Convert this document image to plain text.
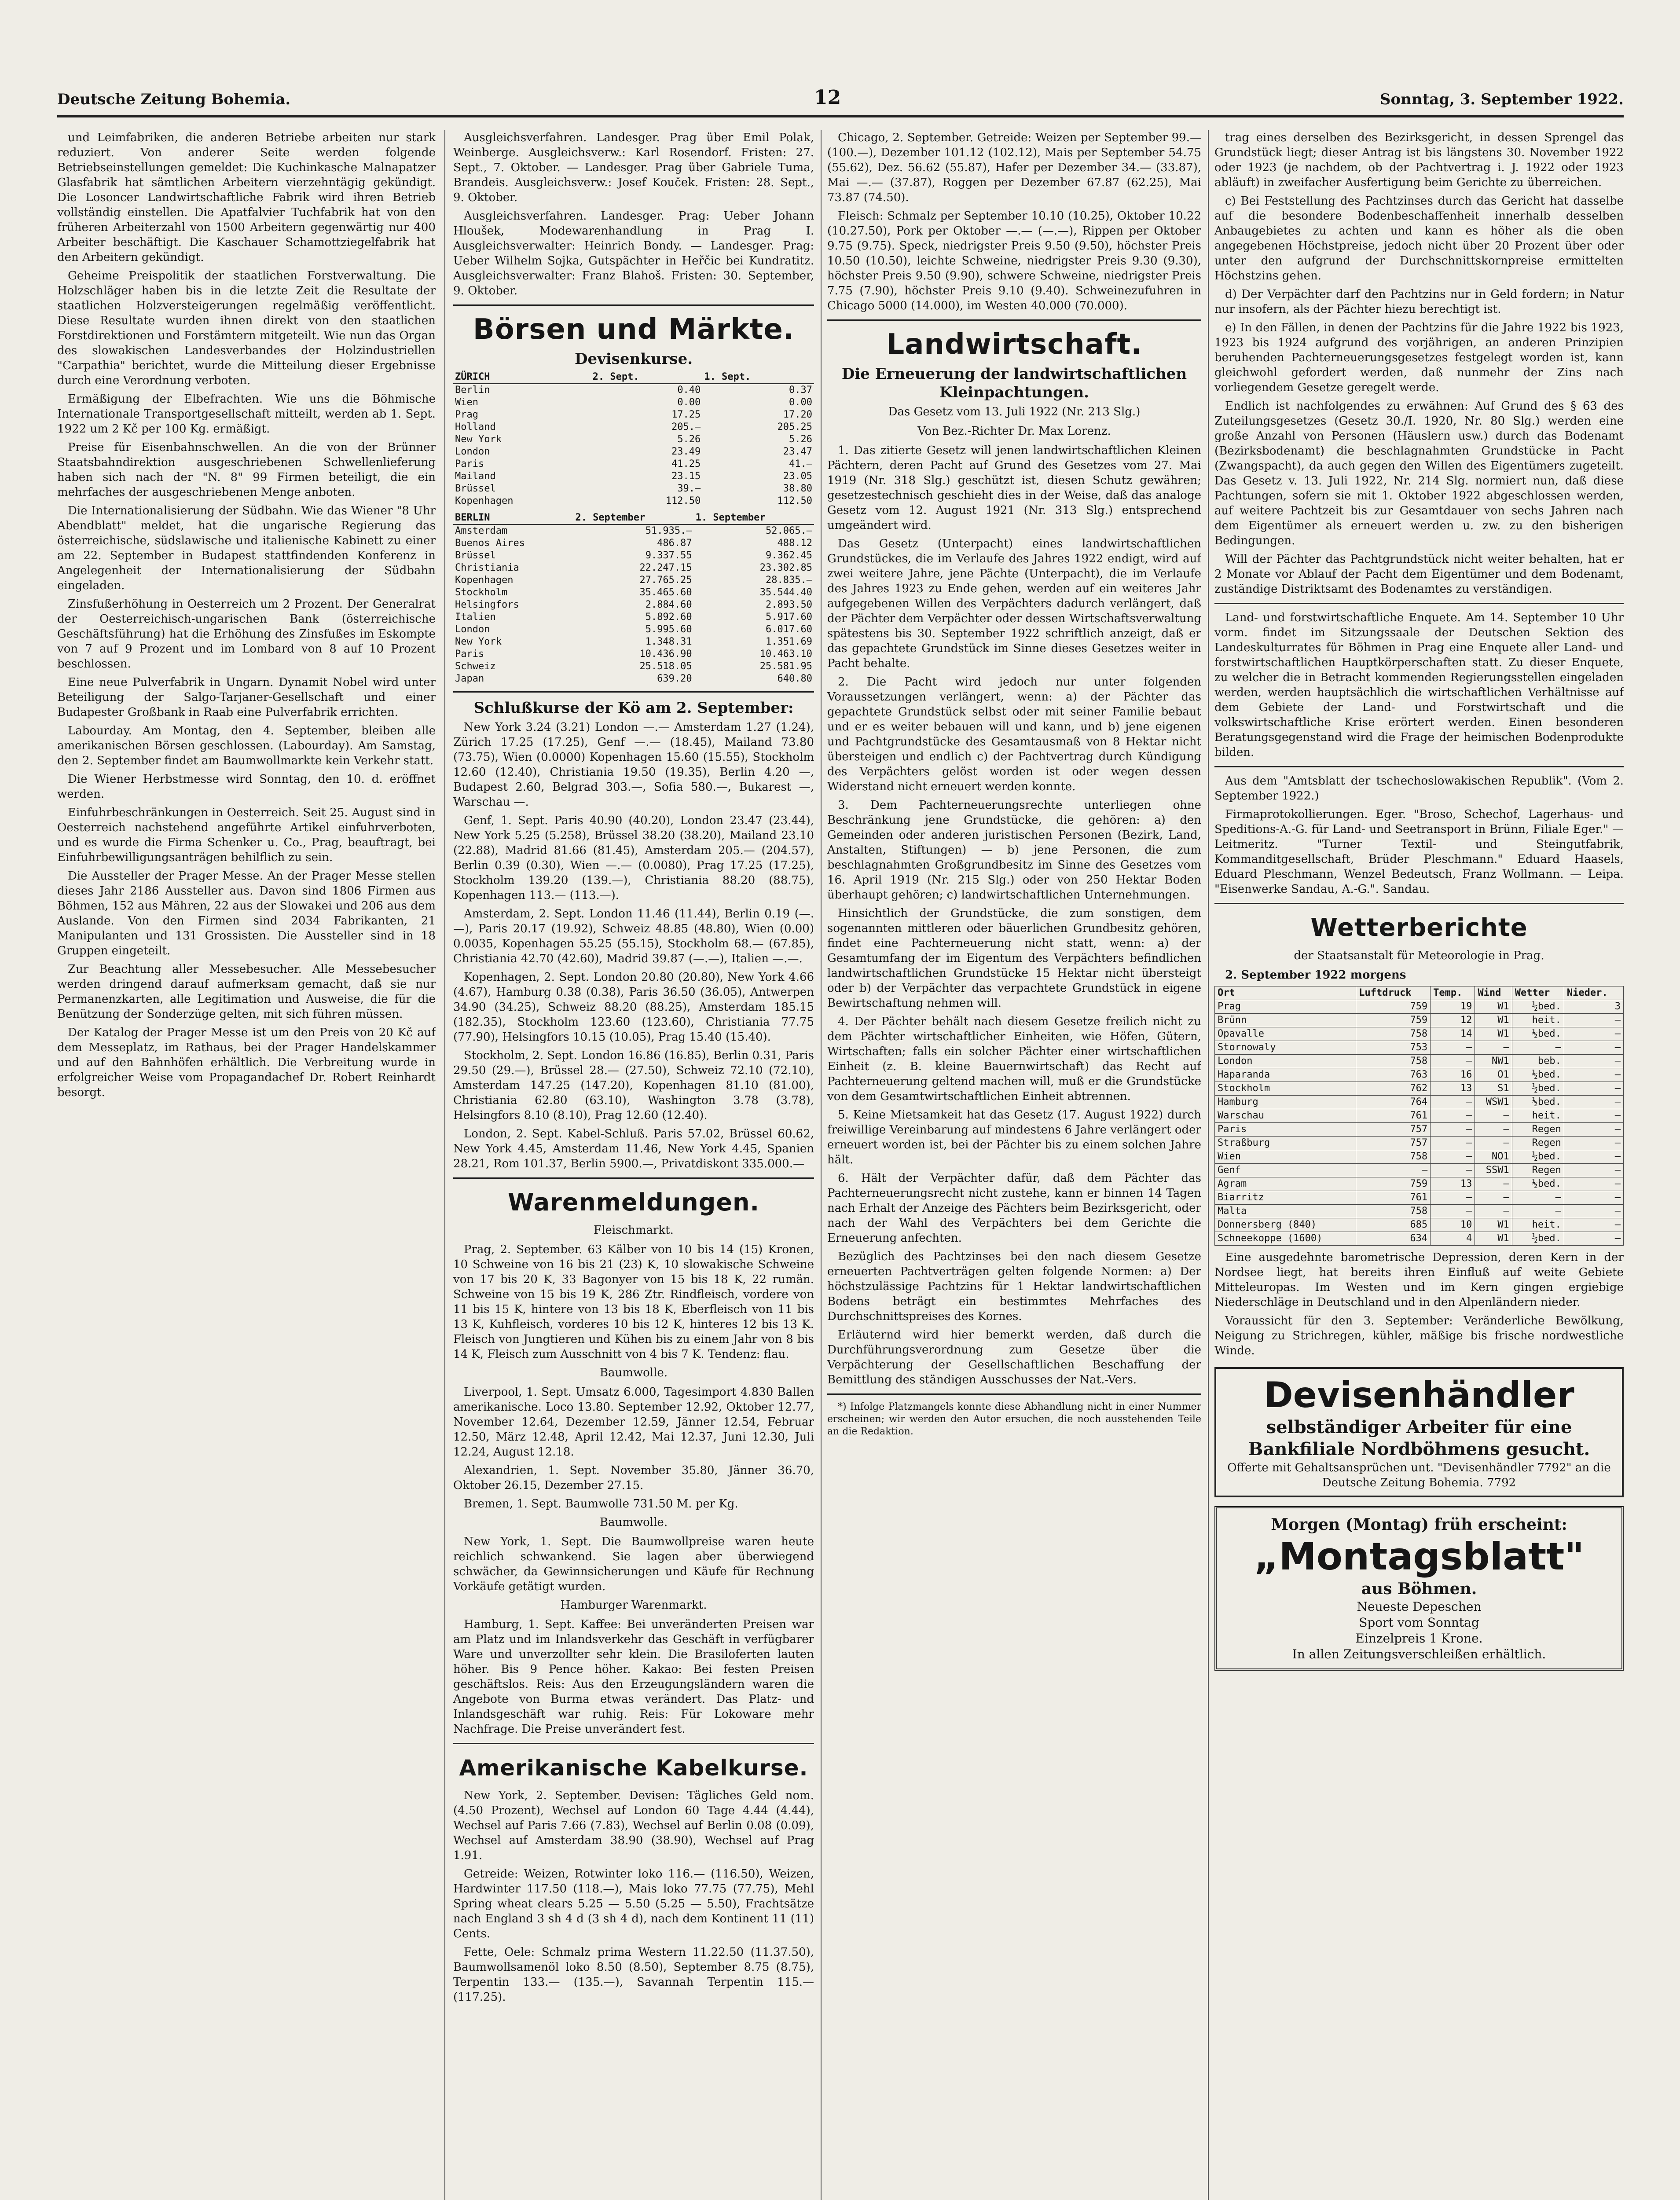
Deutsche Zeitung Bohemia.	12	Sonntag, 3. September 1922.

und Leimfabriken, die anderen Betriebe arbeiten nur stark reduziert. Von anderer Seite werden folgende Betriebseinstellungen gemeldet: Die Kuchinkasche Malnapatzer Glasfabrik hat sämtlichen Arbeitern vierzehntägig gekündigt. Die Losoncer Landwirtschaftliche Fabrik wird ihren Betrieb vollständig einstellen. Die Apatfalvier Tuchfabrik hat von den früheren Arbeiterzahl von 1500 Arbeitern gegenwärtig nur 400 Arbeiter beschäftigt. Die Kaschauer Schamottziegelfabrik hat den Arbeitern gekündigt.

Geheime Preispolitik der staatlichen Forstverwaltung. Die Holzschläger haben bis in die letzte Zeit die Resultate der staatlichen Holzversteigerungen regelmäßig veröffentlicht. Diese Resultate wurden ihnen direkt von den staatlichen Forstdirektionen und Forstämtern mitgeteilt. Wie nun das Organ des slowakischen Landesverbandes der Holzindustriellen "Carpathia" berichtet, wurde die Mitteilung dieser Ergebnisse durch eine Verordnung verboten.

Ermäßigung der Elbefrachten. Wie uns die Böhmische Internationale Transportgesellschaft mitteilt, werden ab 1. Sept. 1922 um 2 Kč per 100 Kg. ermäßigt.

Preise für Eisenbahnschwellen. An die von der Brünner Staatsbahndirektion ausgeschriebenen Schwellenlieferung haben sich nach der "N. 8" 99 Firmen beteiligt, die ein mehrfaches der ausgeschriebenen Menge anboten.

Die Internationalisierung der Südbahn. Wie das Wiener "8 Uhr Abendblatt" meldet, hat die ungarische Regierung das österreichische, südslawische und italienische Kabinett zu einer am 22. September in Budapest stattfindenden Konferenz in Angelegenheit der Internationalisierung der Südbahn eingeladen.

Zinsfußerhöhung in Oesterreich um 2 Prozent. Der Generalrat der Oesterreichisch-ungarischen Bank (österreichische Geschäftsführung) hat die Erhöhung des Zinsfußes im Eskompte von 7 auf 9 Prozent und im Lombard von 8 auf 10 Prozent beschlossen.

Eine neue Pulverfabrik in Ungarn. Dynamit Nobel wird unter Beteiligung der Salgo-Tarjaner-Gesellschaft und einer Budapester Großbank in Raab eine Pulverfabrik errichten.

Labourday. Am Montag, den 4. September, bleiben alle amerikanischen Börsen geschlossen. (Labourday). Am Samstag, den 2. September findet am Baumwollmarkte kein Verkehr statt.

Die Wiener Herbstmesse wird Sonntag, den 10. d. eröffnet werden.

Einfuhrbeschränkungen in Oesterreich. Seit 25. August sind in Oesterreich nachstehend angeführte Artikel einfuhrverboten, und es wurde die Firma Schenker u. Co., Prag, beauftragt, bei Einfuhrbewilligungsanträgen behilflich zu sein.

Die Aussteller der Prager Messe. An der Prager Messe stellen dieses Jahr 2186 Aussteller aus. Davon sind 1806 Firmen aus Böhmen, 152 aus Mähren, 22 aus der Slowakei und 206 aus dem Auslande. Von den Firmen sind 2034 Fabrikanten, 21 Manipulanten und 131 Grossisten. Die Aussteller sind in 18 Gruppen eingeteilt.

Zur Beachtung aller Messebesucher. Alle Messebesucher werden dringend darauf aufmerksam gemacht, daß sie nur Permanenzkarten, alle Legitimation und Ausweise, die für die Benützung der Sonderzüge gelten, mit sich führen müssen.

Der Katalog der Prager Messe ist um den Preis von 20 Kč auf dem Messeplatz, im Rathaus, bei der Prager Handelskammer und auf den Bahnhöfen erhältlich. Die Verbreitung wurde in erfolgreicher Weise vom Propagandachef Dr. Robert Reinhardt besorgt.

Ausgleichsverfahren. Landesger. Prag über Emil Polak, Weinberge. Ausgleichsverw.: Karl Rosendorf. Fristen: 27. Sept., 7. Oktober. — Landesger. Prag über Gabriele Tuma, Brandeis. Ausgleichsverw.: Josef Kouček. Fristen: 28. Sept., 9. Oktober.

Ausgleichsverfahren. Landesger. Prag: Ueber Johann Hloušek, Modewarenhandlung in Prag I. Ausgleichsverwalter: Heinrich Bondy. — Landesger. Prag: Ueber Wilhelm Sojka, Gutspächter in Heřčic bei Kundratitz. Ausgleichsverwalter: Franz Blahoš. Fristen: 30. September, 9. Oktober.

Börsen und Märkte.
Devisenkurse.
ZÜRICH	2. Sept.	1. Sept.
Berlin	0.40	0.37
Wien	0.00	0.00
Prag	17.25	17.20
Holland	205.—	205.25
New York	5.26	5.26
London	23.49	23.47
Paris	41.25	41.—
Mailand	23.15	23.05
Brüssel	39.—	38.80
Kopenhagen	112.50	112.50
BERLIN	2. September	1. September
Amsterdam	51.935.—	52.065.—
Buenos Aires	486.87	488.12
Brüssel	9.337.55	9.362.45
Christiania	22.247.15	23.302.85
Kopenhagen	27.765.25	28.835.—
Stockholm	35.465.60	35.544.40
Helsingfors	2.884.60	2.893.50
Italien	5.892.60	5.917.60
London	5.995.60	6.017.60
New York	1.348.31	1.351.69
Paris	10.436.90	10.463.10
Schweiz	25.518.05	25.581.95
Japan	639.20	640.80
Schlußkurse der Kö am 2. September:

New York 3.24 (3.21) London —.— Amsterdam 1.27 (1.24), Zürich 17.25 (17.25), Genf —.— (18.45), Mailand 73.80 (73.75), Wien (0.0000) Kopenhagen 15.60 (15.55), Stockholm 12.60 (12.40), Christiania 19.50 (19.35), Berlin 4.20 —, Budapest 2.60, Belgrad 303.—, Sofia 580.—, Bukarest —, Warschau —.

Genf, 1. Sept. Paris 40.90 (40.20), London 23.47 (23.44), New York 5.25 (5.258), Brüssel 38.20 (38.20), Mailand 23.10 (22.88), Madrid 81.66 (81.45), Amsterdam 205.— (204.57), Berlin 0.39 (0.30), Wien —.— (0.0080), Prag 17.25 (17.25), Stockholm 139.20 (139.—), Christiania 88.20 (88.75), Kopenhagen 113.— (113.—).

Amsterdam, 2. Sept. London 11.46 (11.44), Berlin 0.19 (—.—), Paris 20.17 (19.92), Schweiz 48.85 (48.80), Wien (0.00) 0.0035, Kopenhagen 55.25 (55.15), Stockholm 68.— (67.85), Christiania 42.70 (42.60), Madrid 39.87 (—.—), Italien —.—.

Kopenhagen, 2. Sept. London 20.80 (20.80), New York 4.66 (4.67), Hamburg 0.38 (0.38), Paris 36.50 (36.05), Antwerpen 34.90 (34.25), Schweiz 88.20 (88.25), Amsterdam 185.15 (182.35), Stockholm 123.60 (123.60), Christiania 77.75 (77.90), Helsingfors 10.15 (10.05), Prag 15.40 (15.40).

Stockholm, 2. Sept. London 16.86 (16.85), Berlin 0.31, Paris 29.50 (29.—), Brüssel 28.— (27.50), Schweiz 72.10 (72.10), Amsterdam 147.25 (147.20), Kopenhagen 81.10 (81.00), Christiania 62.80 (63.10), Washington 3.78 (3.78), Helsingfors 8.10 (8.10), Prag 12.60 (12.40).

London, 2. Sept. Kabel-Schluß. Paris 57.02, Brüssel 60.62, New York 4.45, Amsterdam 11.46, New York 4.45, Spanien 28.21, Rom 101.37, Berlin 5900.—, Privatdiskont 335.000.—

Warenmeldungen.
Fleischmarkt.

Prag, 2. September. 63 Kälber von 10 bis 14 (15) Kronen, 10 Schweine von 16 bis 21 (23) K, 10 slowakische Schweine von 17 bis 20 K, 33 Bagonyer von 15 bis 18 K, 22 rumän. Schweine von 15 bis 19 K, 286 Ztr. Rindfleisch, vordere von 11 bis 15 K, hintere von 13 bis 18 K, Eberfleisch von 11 bis 13 K, Kuhfleisch, vorderes 10 bis 12 K, hinteres 12 bis 13 K. Fleisch von Jungtieren und Kühen bis zu einem Jahr von 8 bis 14 K, Fleisch zum Ausschnitt von 4 bis 7 K. Tendenz: flau.

Baumwolle.

Liverpool, 1. Sept. Umsatz 6.000, Tagesimport 4.830 Ballen amerikanische. Loco 13.80. September 12.92, Oktober 12.77, November 12.64, Dezember 12.59, Jänner 12.54, Februar 12.50, März 12.48, April 12.42, Mai 12.37, Juni 12.30, Juli 12.24, August 12.18.

Alexandrien, 1. Sept. November 35.80, Jänner 36.70, Oktober 26.15, Dezember 27.15.

Bremen, 1. Sept. Baumwolle 731.50 M. per Kg.

Baumwolle.

New York, 1. Sept. Die Baumwollpreise waren heute reichlich schwankend. Sie lagen aber überwiegend schwächer, da Gewinnsicherungen und Käufe für Rechnung Vorkäufe getätigt wurden.

Hamburger Warenmarkt.

Hamburg, 1. Sept. Kaffee: Bei unveränderten Preisen war am Platz und im Inlandsverkehr das Geschäft in verfügbarer Ware und unverzollter sehr klein. Die Brasiloferten lauten höher. Bis 9 Pence höher. Kakao: Bei festen Preisen geschäftslos. Reis: Aus den Erzeugungsländern waren die Angebote von Burma etwas verändert. Das Platz- und Inlandsgeschäft war ruhig. Reis: Für Lokoware mehr Nachfrage. Die Preise unverändert fest.

Amerikanische Kabelkurse.

New York, 2. September. Devisen: Tägliches Geld nom. (4.50 Prozent), Wechsel auf London 60 Tage 4.44 (4.44), Wechsel auf Paris 7.66 (7.83), Wechsel auf Berlin 0.08 (0.09), Wechsel auf Amsterdam 38.90 (38.90), Wechsel auf Prag 1.91.

Getreide: Weizen, Rotwinter loko 116.— (116.50), Weizen, Hardwinter 117.50 (118.—), Mais loko 77.75 (77.75), Mehl Spring wheat clears 5.25 — 5.50 (5.25 — 5.50), Frachtsätze nach England 3 sh 4 d (3 sh 4 d), nach dem Kontinent 11 (11) Cents.

Fette, Oele: Schmalz prima Western 11.22.50 (11.37.50), Baumwollsamenöl loko 8.50 (8.50), September 8.75 (8.75), Terpentin 133.— (135.—), Savannah Terpentin 115.— (117.25).

Chicago, 2. September. Getreide: Weizen per September 99.— (100.—), Dezember 101.12 (102.12), Mais per September 54.75 (55.62), Dez. 56.62 (55.87), Hafer per Dezember 34.— (33.87), Mai —.— (37.87), Roggen per Dezember 67.87 (62.25), Mai 73.87 (74.50).

Fleisch: Schmalz per September 10.10 (10.25), Oktober 10.22 (10.27.50), Pork per Oktober —.— (—.—), Rippen per Oktober 9.75 (9.75). Speck, niedrigster Preis 9.50 (9.50), höchster Preis 10.50 (10.50), leichte Schweine, niedrigster Preis 9.30 (9.30), höchster Preis 9.50 (9.90), schwere Schweine, niedrigster Preis 7.75 (7.90), höchster Preis 9.10 (9.40). Schweinezufuhren in Chicago 5000 (14.000), im Westen 40.000 (70.000).

Landwirtschaft.
Die Erneuerung der landwirtschaftlichen Kleinpachtungen.
Das Gesetz vom 13. Juli 1922 (Nr. 213 Slg.)
Von Bez.-Richter Dr. Max Lorenz.

1. Das zitierte Gesetz will jenen landwirtschaftlichen Kleinen Pächtern, deren Pacht auf Grund des Gesetzes vom 27. Mai 1919 (Nr. 318 Slg.) geschützt ist, diesen Schutz gewähren; gesetzestechnisch geschieht dies in der Weise, daß das analoge Gesetz vom 12. August 1921 (Nr. 313 Slg.) entsprechend umgeändert wird.

Das Gesetz (Unterpacht) eines landwirtschaftlichen Grundstückes, die im Verlaufe des Jahres 1922 endigt, wird auf zwei weitere Jahre, jene Pächte (Unterpacht), die im Verlaufe des Jahres 1923 zu Ende gehen, werden auf ein weiteres Jahr aufgegebenen Willen des Verpächters dadurch verlängert, daß der Pächter dem Verpächter oder dessen Wirtschaftsverwaltung spätestens bis 30. September 1922 schriftlich anzeigt, daß er das gepachtete Grundstück im Sinne dieses Gesetzes weiter in Pacht behalte.

2. Die Pacht wird jedoch nur unter folgenden Voraussetzungen verlängert, wenn: a) der Pächter das gepachtete Grundstück selbst oder mit seiner Familie bebaut und er es weiter bebauen will und kann, und b) jene eigenen und Pachtgrundstücke des Gesamtausmaß von 8 Hektar nicht übersteigen und endlich c) der Pachtvertrag durch Kündigung des Verpächters gelöst worden ist oder wegen dessen Widerstand nicht erneuert werden konnte.

3. Dem Pachterneuerungsrechte unterliegen ohne Beschränkung jene Grundstücke, die gehören: a) den Gemeinden oder anderen juristischen Personen (Bezirk, Land, Anstalten, Stiftungen) — b) jene Personen, die zum beschlagnahmten Großgrundbesitz im Sinne des Gesetzes vom 16. April 1919 (Nr. 215 Slg.) oder von 250 Hektar Boden überhaupt gehören; c) landwirtschaftlichen Unternehmungen.

Hinsichtlich der Grundstücke, die zum sonstigen, dem sogenannten mittleren oder bäuerlichen Grundbesitz gehören, findet eine Pachterneuerung nicht statt, wenn: a) der Gesamtumfang der im Eigentum des Verpächters befindlichen landwirtschaftlichen Grundstücke 15 Hektar nicht übersteigt oder b) der Verpächter das verpachtete Grundstück in eigene Bewirtschaftung nehmen will.

4. Der Pächter behält nach diesem Gesetze freilich nicht zu dem Pächter wirtschaftlicher Einheiten, wie Höfen, Gütern, Wirtschaften; falls ein solcher Pächter einer wirtschaftlichen Einheit (z. B. kleine Bauernwirtschaft) das Recht auf Pachterneuerung geltend machen will, muß er die Grundstücke von dem Gesamtwirtschaftlichen Einheit abtrennen.

5. Keine Mietsamkeit hat das Gesetz (17. August 1922) durch freiwillige Vereinbarung auf mindestens 6 Jahre verlängert oder erneuert worden ist, bei der Pächter bis zu einem solchen Jahre hält.

6. Hält der Verpächter dafür, daß dem Pächter das Pachterneuerungsrecht nicht zustehe, kann er binnen 14 Tagen nach Erhalt der Anzeige des Pächters beim Bezirksgericht, oder nach der Wahl des Verpächters bei dem Gerichte die Erneuerung anfechten.

Bezüglich des Pachtzinses bei den nach diesem Gesetze erneuerten Pachtverträgen gelten folgende Normen: a) Der höchstzulässige Pachtzins für 1 Hektar landwirtschaftlichen Bodens beträgt ein bestimmtes Mehrfaches des Durchschnittspreises des Kornes.

Erläuternd wird hier bemerkt werden, daß durch die Durchführungsverordnung zum Gesetze über die Verpächterung der Gesellschaftlichen Beschaffung der Bemittlung des ständigen Ausschusses der Nat.-Vers.

*) Infolge Platzmangels konnte diese Abhandlung nicht in einer Nummer erscheinen; wir werden den Autor ersuchen, die noch ausstehenden Teile an die Redaktion.

trag eines derselben des Bezirksgericht, in dessen Sprengel das Grundstück liegt; dieser Antrag ist bis längstens 30. November 1922 oder 1923 (je nachdem, ob der Pachtvertrag i. J. 1922 oder 1923 abläuft) in zweifacher Ausfertigung beim Gerichte zu überreichen.

c) Bei Feststellung des Pachtzinses durch das Gericht hat dasselbe auf die besondere Bodenbeschaffenheit innerhalb desselben Anbaugebietes zu achten und kann es höher als die oben angegebenen Höchstpreise, jedoch nicht über 20 Prozent über oder unter den aufgrund der Durchschnittskornpreise ermittelten Höchstzins gehen.

d) Der Verpächter darf den Pachtzins nur in Geld fordern; in Natur nur insofern, als der Pächter hiezu berechtigt ist.

e) In den Fällen, in denen der Pachtzins für die Jahre 1922 bis 1923, 1923 bis 1924 aufgrund des vorjährigen, an anderen Prinzipien beruhenden Pachterneuerungsgesetzes festgelegt worden ist, kann gleichwohl gefordert werden, daß nunmehr der Zins nach vorliegendem Gesetze geregelt werde.

Endlich ist nachfolgendes zu erwähnen: Auf Grund des § 63 des Zuteilungsgesetzes (Gesetz 30./I. 1920, Nr. 80 Slg.) werden eine große Anzahl von Personen (Häuslern usw.) durch das Bodenamt (Bezirksbodenamt) die beschlagnahmten Grundstücke in Pacht (Zwangspacht), da auch gegen den Willen des Eigentümers zugeteilt. Das Gesetz v. 13. Juli 1922, Nr. 214 Slg. normiert nun, daß diese Pachtungen, sofern sie mit 1. Oktober 1922 abgeschlossen werden, auf weitere Pachtzeit bis zur Gesamtdauer von sechs Jahren nach dem Eigentümer als erneuert werden u. zw. zu den bisherigen Bedingungen.

Will der Pächter das Pachtgrundstück nicht weiter behalten, hat er 2 Monate vor Ablauf der Pacht dem Eigentümer und dem Bodenamt, zuständige Distriktsamt des Bodenamtes zu verständigen.

Land- und forstwirtschaftliche Enquete. Am 14. September 10 Uhr vorm. findet im Sitzungssaale der Deutschen Sektion des Landeskulturrates für Böhmen in Prag eine Enquete aller Land- und forstwirtschaftlichen Hauptkörperschaften statt. Zu dieser Enquete, zu welcher die in Betracht kommenden Regierungsstellen eingeladen werden, werden hauptsächlich die wirtschaftlichen Verhältnisse auf dem Gebiete der Land- und Forstwirtschaft und die volkswirtschaftliche Krise erörtert werden. Einen besonderen Beratungsgegenstand wird die Frage der heimischen Bodenprodukte bilden.

Aus dem "Amtsblatt der tschechoslowakischen Republik". (Vom 2. September 1922.)

Firmaprotokollierungen. Eger. "Broso, Schechof, Lagerhaus- und Speditions-A.-G. für Land- und Seetransport in Brünn, Filiale Eger." — Leitmeritz. "Turner Textil- und Steingutfabrik, Kommanditgesellschaft, Brüder Pleschmann." Eduard Haasels, Eduard Pleschmann, Wenzel Bedeutsch, Franz Wollmann. — Leipa. "Eisenwerke Sandau, A.-G.". Sandau.

Wetterberichte
der Staatsanstalt für Meteorologie in Prag.

2. September 1922 morgens

Ort	Luftdruck	Temp.	Wind	Wetter	Nieder.
Prag	759	19	W1	½bed.	3
Brünn	759	12	W1	heit.	—
Opavalle	758	14	W1	½bed.	—
Stornowaly	753	—	—	—	—
London	758	—	NW1	beb.	—
Haparanda	763	16	O1	½bed.	—
Stockholm	762	13	S1	½bed.	—
Hamburg	764	—	WSW1	½bed.	—
Warschau	761	—	—	heit.	—
Paris	757	—	—	Regen	—
Straßburg	757	—	—	Regen	—
Wien	758	—	NO1	½bed.	—
Genf	—	—	SSW1	Regen	—
Agram	759	13	—	½bed.	—
Biarritz	761	—	—	—	—
Malta	758	—	—	—	—
Donnersberg (840)	685	10	W1	heit.	—
Schneekoppe (1600)	634	4	W1	½bed.	—

Eine ausgedehnte barometrische Depression, deren Kern in der Nordsee liegt, hat bereits ihren Einfluß auf weite Gebiete Mitteleuropas. Im Westen und im Kern gingen ergiebige Niederschläge in Deutschland und in den Alpenländern nieder.

Voraussicht für den 3. September: Veränderliche Bewölkung, Neigung zu Strichregen, kühler, mäßige bis frische nordwestliche Winde.

Devisenhändler
selbständiger Arbeiter für eine Bankfiliale Nordböhmens gesucht.
Offerte mit Gehaltsansprüchen unt. "Devisenhändler 7792" an die Deutsche Zeitung Bohemia. 7792
Morgen (Montag) früh erscheint:
„Montagsblatt"
aus Böhmen.
Neueste Depeschen
Sport vom Sonntag
Einzelpreis 1 Krone.
In allen Zeitungsverschleißen erhältlich.
